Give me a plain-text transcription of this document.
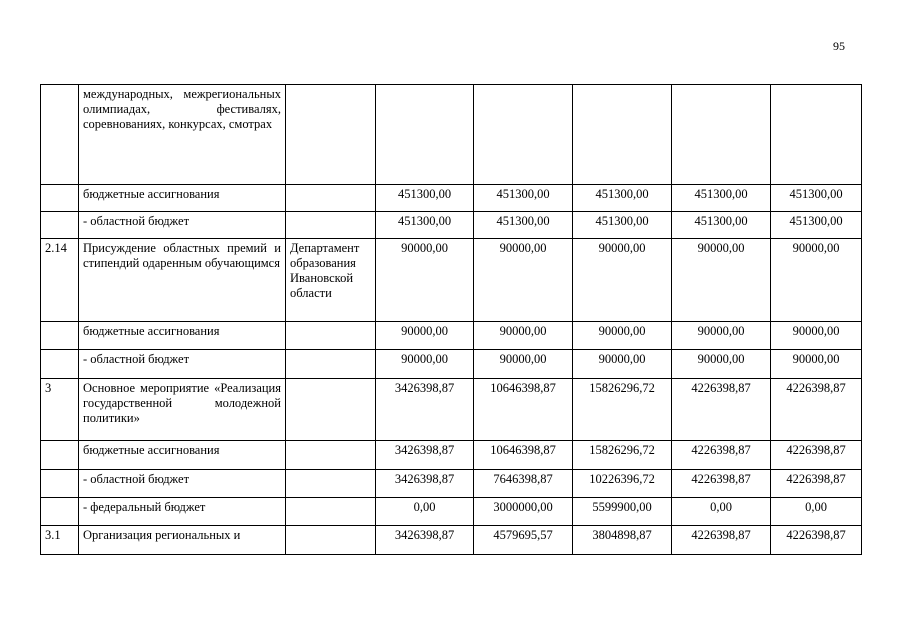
95
	международных, межрегиональных олимпиадах, фестивалях, соревнованиях, конкурсах, смотрах						
	бюджетные ассигнования		451300,00	451300,00	451300,00	451300,00	451300,00
	- областной бюджет		451300,00	451300,00	451300,00	451300,00	451300,00
2.14	Присуждение областных премий и стипендий одаренным обучающимся	Департамент образования Ивановской области	90000,00	90000,00	90000,00	90000,00	90000,00
	бюджетные ассигнования		90000,00	90000,00	90000,00	90000,00	90000,00
	- областной бюджет		90000,00	90000,00	90000,00	90000,00	90000,00
3	Основное мероприятие «Реализация государственной молодежной политики»		3426398,87	10646398,87	15826296,72	4226398,87	4226398,87
	бюджетные ассигнования		3426398,87	10646398,87	15826296,72	4226398,87	4226398,87
	- областной бюджет		3426398,87	7646398,87	10226396,72	4226398,87	4226398,87
	- федеральный бюджет		0,00	3000000,00	5599900,00	0,00	0,00
3.1	Организация региональных и		3426398,87	4579695,57	3804898,87	4226398,87	4226398,87
